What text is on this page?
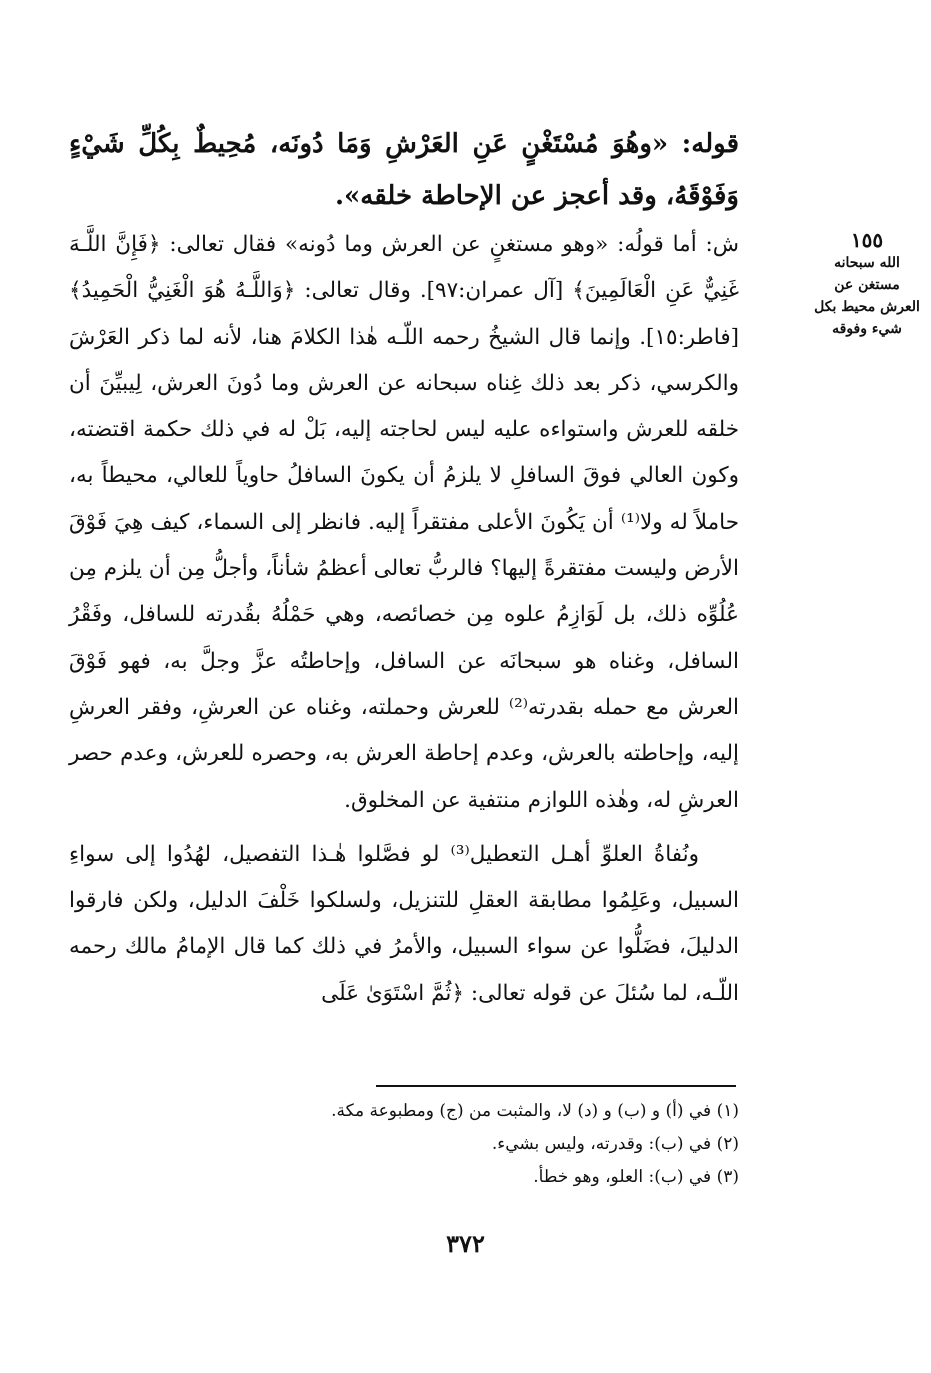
قوله: «وهُوَ مُسْتَغْنٍ عَنِ العَرْشِ وَمَا دُونَه، مُحِيطٌ بِكُلِّ شَيْءٍ وَفَوْقَهُ، وقد أعجز عن الإحاطة خلقه».

١٥٥
الله سبحانه مستغن عن العرش محيط بكل شيء وفوقه

ش: أما قولُه: «وهو مستغنٍ عن العرش وما دُونه» فقال تعالى: ﴿فَإِنَّ اللَّـهَ غَنِيٌّ عَنِ الْعَالَمِينَ﴾ [آل عمران:٩٧]. وقال تعالى: ﴿وَاللَّـهُ هُوَ الْغَنِيُّ الْحَمِيدُ﴾ [فاطر:١٥]. وإنما قال الشيخُ رحمه اللّـه هٰذا الكلامَ هنا، لأنه لما ذكر العَرْشَ والكرسي، ذكر بعد ذلك غِناه سبحانه عن العرش وما دُونَ العرش، لِيبيِّنَ أن خلقه للعرش واستواءه عليه ليس لحاجته إليه، بَلْ له في ذلك حكمة اقتضته، وكون العالي فوقَ السافلِ لا يلزمُ أن يكونَ السافلُ حاوياً للعالي، محيطاً به، حاملاً له ولا⁽¹⁾ أن يَكُونَ الأعلى مفتقراً إليه. فانظر إلى السماء، كيف هِيَ فَوْقَ الأرض وليست مفتقرةً إليها؟ فالربُّ تعالى أعظمُ شأناً، وأجلُّ مِن أن يلزم مِن عُلُوِّه ذلك، بل لَوَازِمُ علوه مِن خصائصه، وهي حَمْلُهُ بقُدرته للسافل، وفَقْرُ السافل، وغناه هو سبحانَه عن السافل، وإحاطتُه عزَّ وجلَّ به، فهو فَوْقَ العرش مع حمله بقدرته⁽²⁾ للعرش وحملته، وغناه عن العرشِ، وفقر العرشِ إليه، وإحاطته بالعرش، وعدم إحاطة العرش به، وحصره للعرش، وعدم حصر العرشِ له، وهٰذه اللوازم منتفية عن المخلوق.

ونُفاةُ العلوِّ أهـل التعطيل⁽³⁾ لو فصَّلوا هٰـذا التفصيل، لهُدُوا إلى سواءِ السبيل، وعَلِمُوا مطابقة العقلِ للتنزيل، ولسلكوا خَلْفَ الدليل، ولكن فارقوا الدليلَ، فضَلُّوا عن سواء السبيل، والأمرُ في ذلك كما قال الإمامُ مالك رحمه اللّـه، لما سُئلَ عن قوله تعالى: ﴿ثُمَّ اسْتَوَىٰ عَلَى

(١) في (أ) و (ب) و (د) لا، والمثبت من (ج) ومطبوعة مكة.
(٢) في (ب): وقدرته، وليس بشيء.
(٣) في (ب): العلو، وهو خطأ.
٣٧٢
